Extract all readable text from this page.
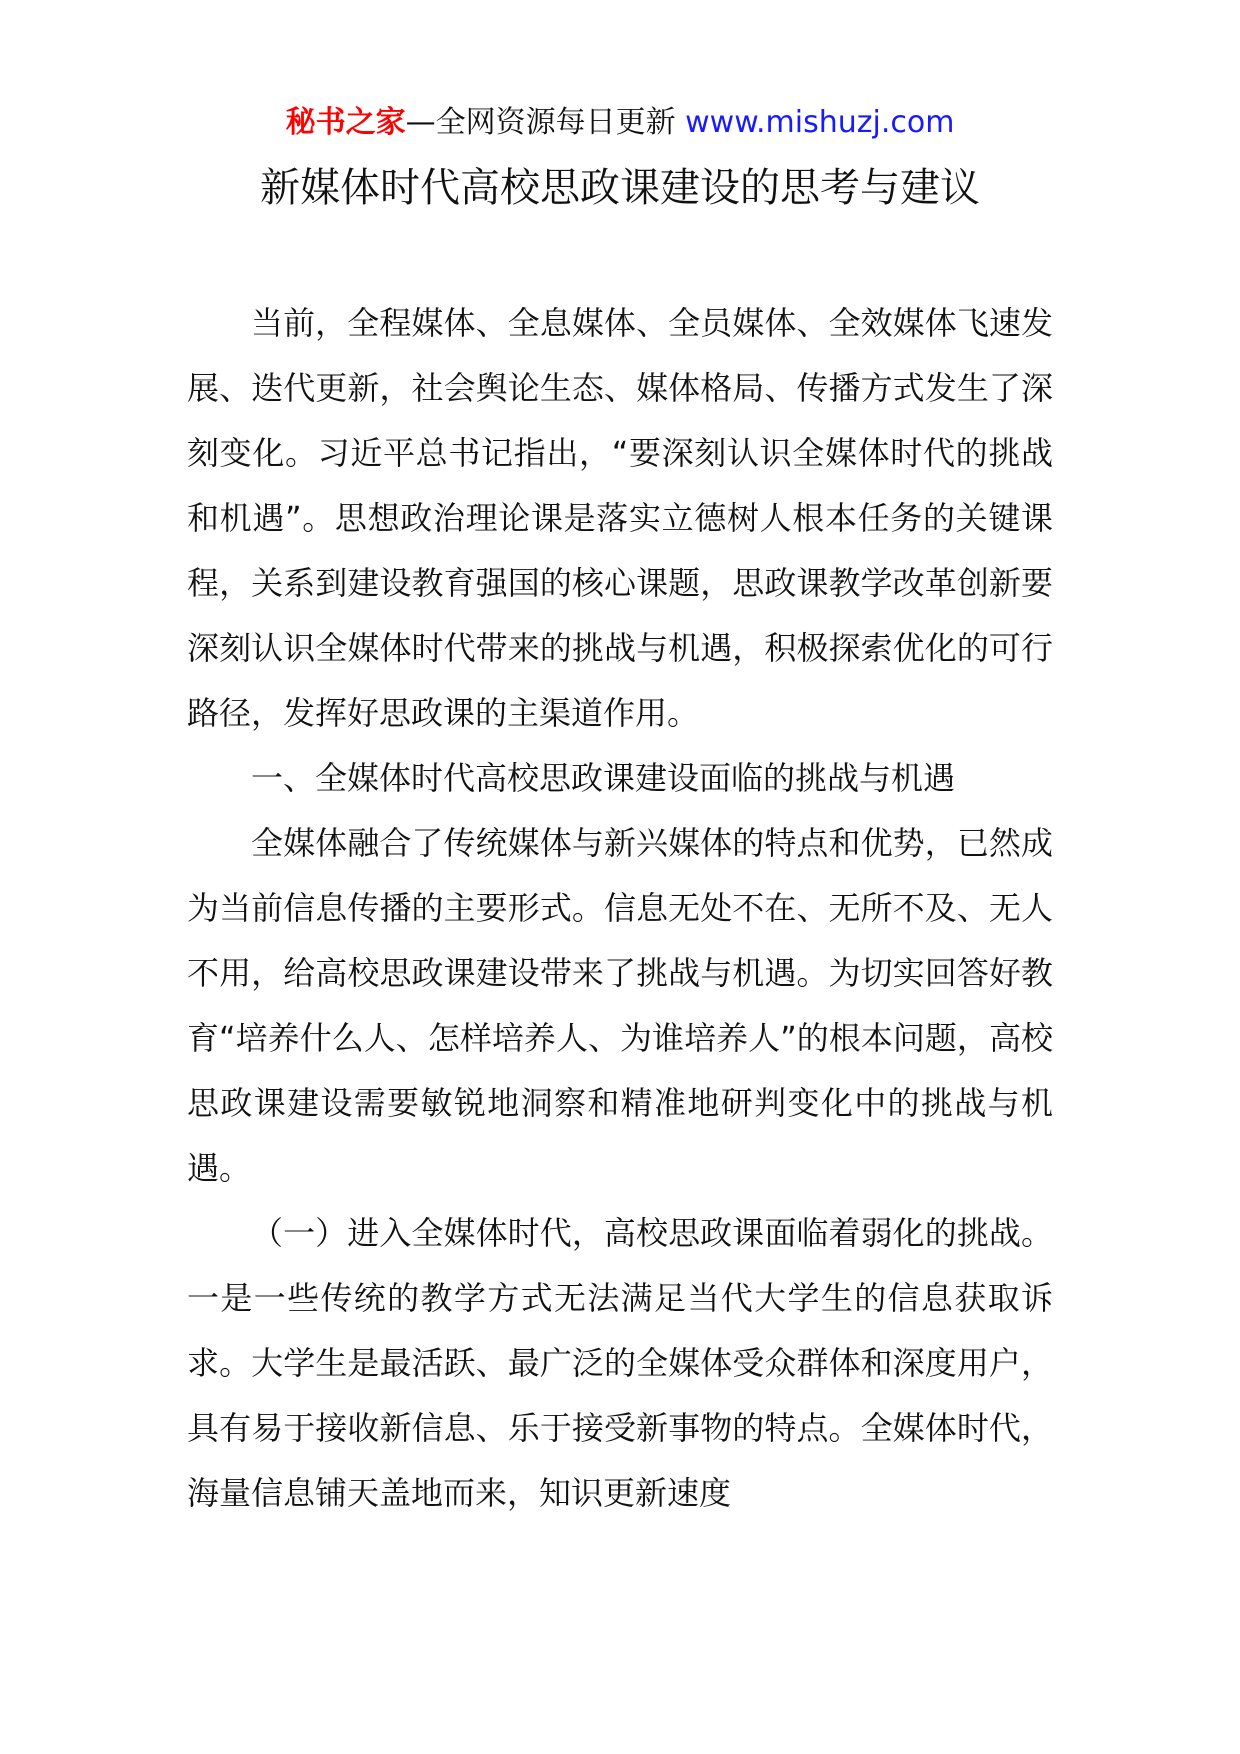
秘书之家—全网资源每日更新 www.mishuzj.com
新媒体时代高校思政课建设的思考与建议

当前，全程媒体、全息媒体、全员媒体、全效媒体飞速发展、迭代更新，社会舆论生态、媒体格局、传播方式发生了深刻变化。习近平总书记指出，“要深刻认识全媒体时代的挑战和机遇”。思想政治理论课是落实立德树人根本任务的关键课程，关系到建设教育强国的核心课题，思政课教学改革创新要深刻认识全媒体时代带来的挑战与机遇，积极探索优化的可行路径，发挥好思政课的主渠道作用。

一、全媒体时代高校思政课建设面临的挑战与机遇

全媒体融合了传统媒体与新兴媒体的特点和优势，已然成为当前信息传播的主要形式。信息无处不在、无所不及、无人不用，给高校思政课建设带来了挑战与机遇。为切实回答好教育“培养什么人、怎样培养人、为谁培养人”的根本问题，高校思政课建设需要敏锐地洞察和精准地研判变化中的挑战与机遇。

（一）进入全媒体时代，高校思政课面临着弱化的挑战。一是一些传统的教学方式无法满足当代大学生的信息获取诉求。大学生是最活跃、最广泛的全媒体受众群体和深度用户，具有易于接收新信息、乐于接受新事物的特点。全媒体时代，海量信息铺天盖地而来，知识更新速度
